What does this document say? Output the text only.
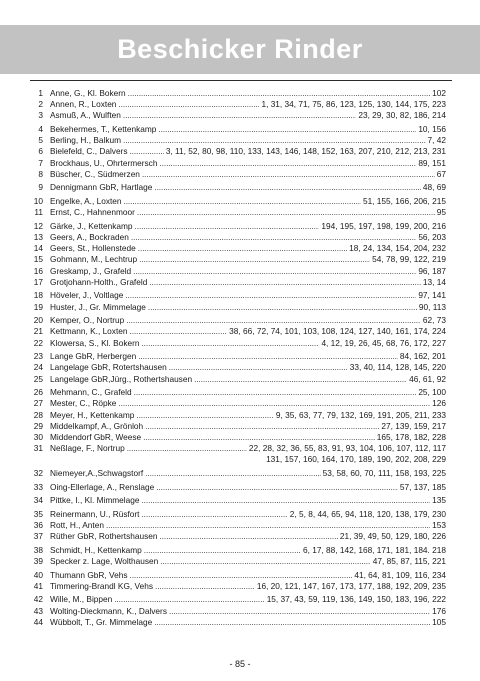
Beschicker Rinder
1 Anne, G., Kl. Bokern . . .	102
2 Annen, R., Loxten . . .	1, 31, 34, 71, 75, 86, 123, 125, 130, 144, 175, 223
3 Asmuß, A., Wulften . . .	23, 29, 30, 82, 186, 214
4 Bekehermes, T., Kettenkamp . . .	10, 156
5 Berling, H., Balkum . . .	7, 42
6 Bielefeld, C., Dalvers . . .	3, 11, 52, 80, 98, 110, 133, 143, 146, 148, 152, 163, 207, 210, 212, 213, 231
7 Brockhaus, U., Ohrtermersch . . .	89, 151
8 Büscher, C., Südmerzen . . .	67
9 Dennigmann GbR, Hartlage . . .	48, 69
10 Engelke, A., Loxten . . .	51, 155, 166, 206, 215
11 Ernst, C., Hahnenmoor . . .	95
12 Gärke, J., Kettenkamp . . .	194, 195, 197, 198, 199, 200, 216
13 Geers, A., Bockraden . . .	56, 203
14 Geers, St., Hollenstede . . .	18, 24, 134, 154, 204, 232
15 Gohmann, M., Lechtrup . . .	54, 78, 99, 122, 219
16 Greskamp, J., Grafeld . . .	96, 187
17 Grotjohann-Holth., Grafeld . . .	13, 14
18 Höveler, J., Voltlage . . .	97, 141
19 Huster, J., Gr. Mimmelage . . .	90, 113
20 Kemper, O., Nortrup . . .	62, 73
21 Kettmann, K., Loxten . . .	38, 66, 72, 74, 101, 103, 108, 124, 127, 140, 161, 174, 224
22 Klowersa, S., Kl. Bokern . . .	4, 12, 19, 26, 45, 68, 76, 172, 227
23 Lange GbR, Herbergen . . .	84, 162, 201
24 Langelage GbR, Rotertshausen . . .	33, 40, 114, 128, 145, 220
25 Langelage GbR,Jürg., Rothertshausen . . .	46, 61, 92
26 Mehmann, C., Grafeld . . .	25, 100
27 Mester, C., Röpke . . .	126
28 Meyer, H., Kettenkamp . . .	9, 35, 63, 77, 79, 132, 169, 191, 205, 211, 233
29 Middelkampf, A., Grönloh . . .	27, 139, 159, 217
30 Middendorf GbR, Weese . . .	165, 178, 182, 228
31 Neßlage, F., Nortrup . . .	22, 28, 32, 36, 55, 83, 91, 93, 104, 106, 107, 112, 117
131, 157, 160, 164, 170, 189, 190, 202, 208, 229
32 Niemeyer,A.,Schwagstorf . . .	53, 58, 60, 70, 111, 158, 193, 225
33 Oing-Ellerlage, A., Renslage . . .	57, 137, 185
34 Pittke, I., Kl. Mimmelage . . .	135
35 Reinermann, U., Rüsfort . . .	2, 5, 8, 44, 65, 94, 118, 120, 138, 179, 230
36 Rott, H., Anten . . .	153
37 Rüther GbR, Rothertshausen . . .	21, 39, 49, 50, 129, 180, 226
38 Schmidt, H., Kettenkamp . . .	6, 17, 88, 142, 168, 171, 181, 184. 218
39 Specker z. Lage, Wolthausen . . .	47, 85, 87, 115, 221
40 Thumann GbR, Vehs . . .	41, 64, 81, 109, 116, 234
41 Timmering-Brandl KG, Vehs . . .	16, 20, 121, 147, 167, 173, 177, 188, 192, 209, 235
42 Wille, M., Bippen . . .	15, 37, 43, 59, 119, 136, 149, 150, 183, 196, 222
43 Wolting-Dieckmann, K., Dalvers . . .	176
44 Wübbolt, T., Gr. Mimmelage . . .	105
- 85 -
